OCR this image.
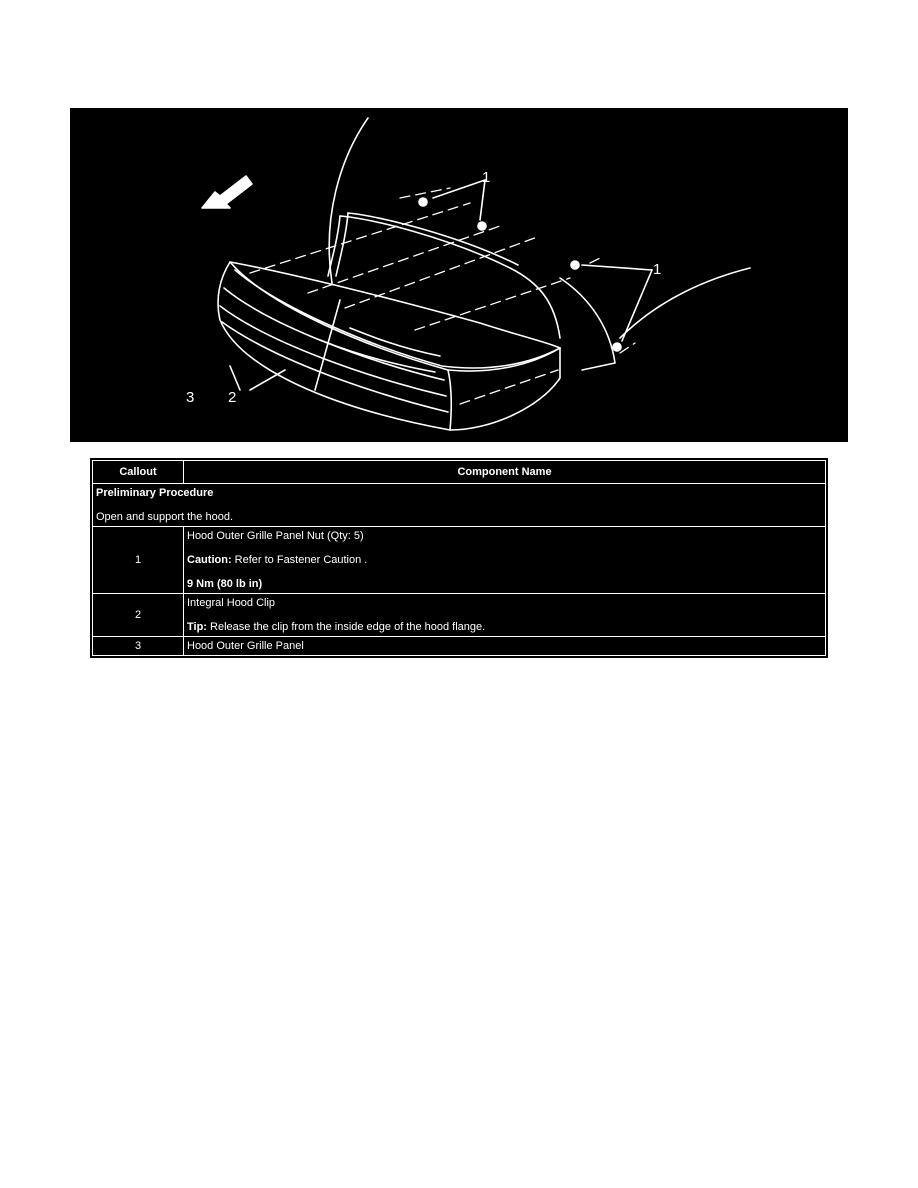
1
1
2
3
Callout	Component Name

Preliminary Procedure

Open and support the hood.	

1	Hood Outer Grille Panel Nut (Qty: 5)

Caution: Refer to Fastener Caution .

9 Nm (80 lb in)

2	Integral Hood Clip

Tip: Release the clip from the inside edge of the hood flange.

3	Hood Outer Grille Panel
